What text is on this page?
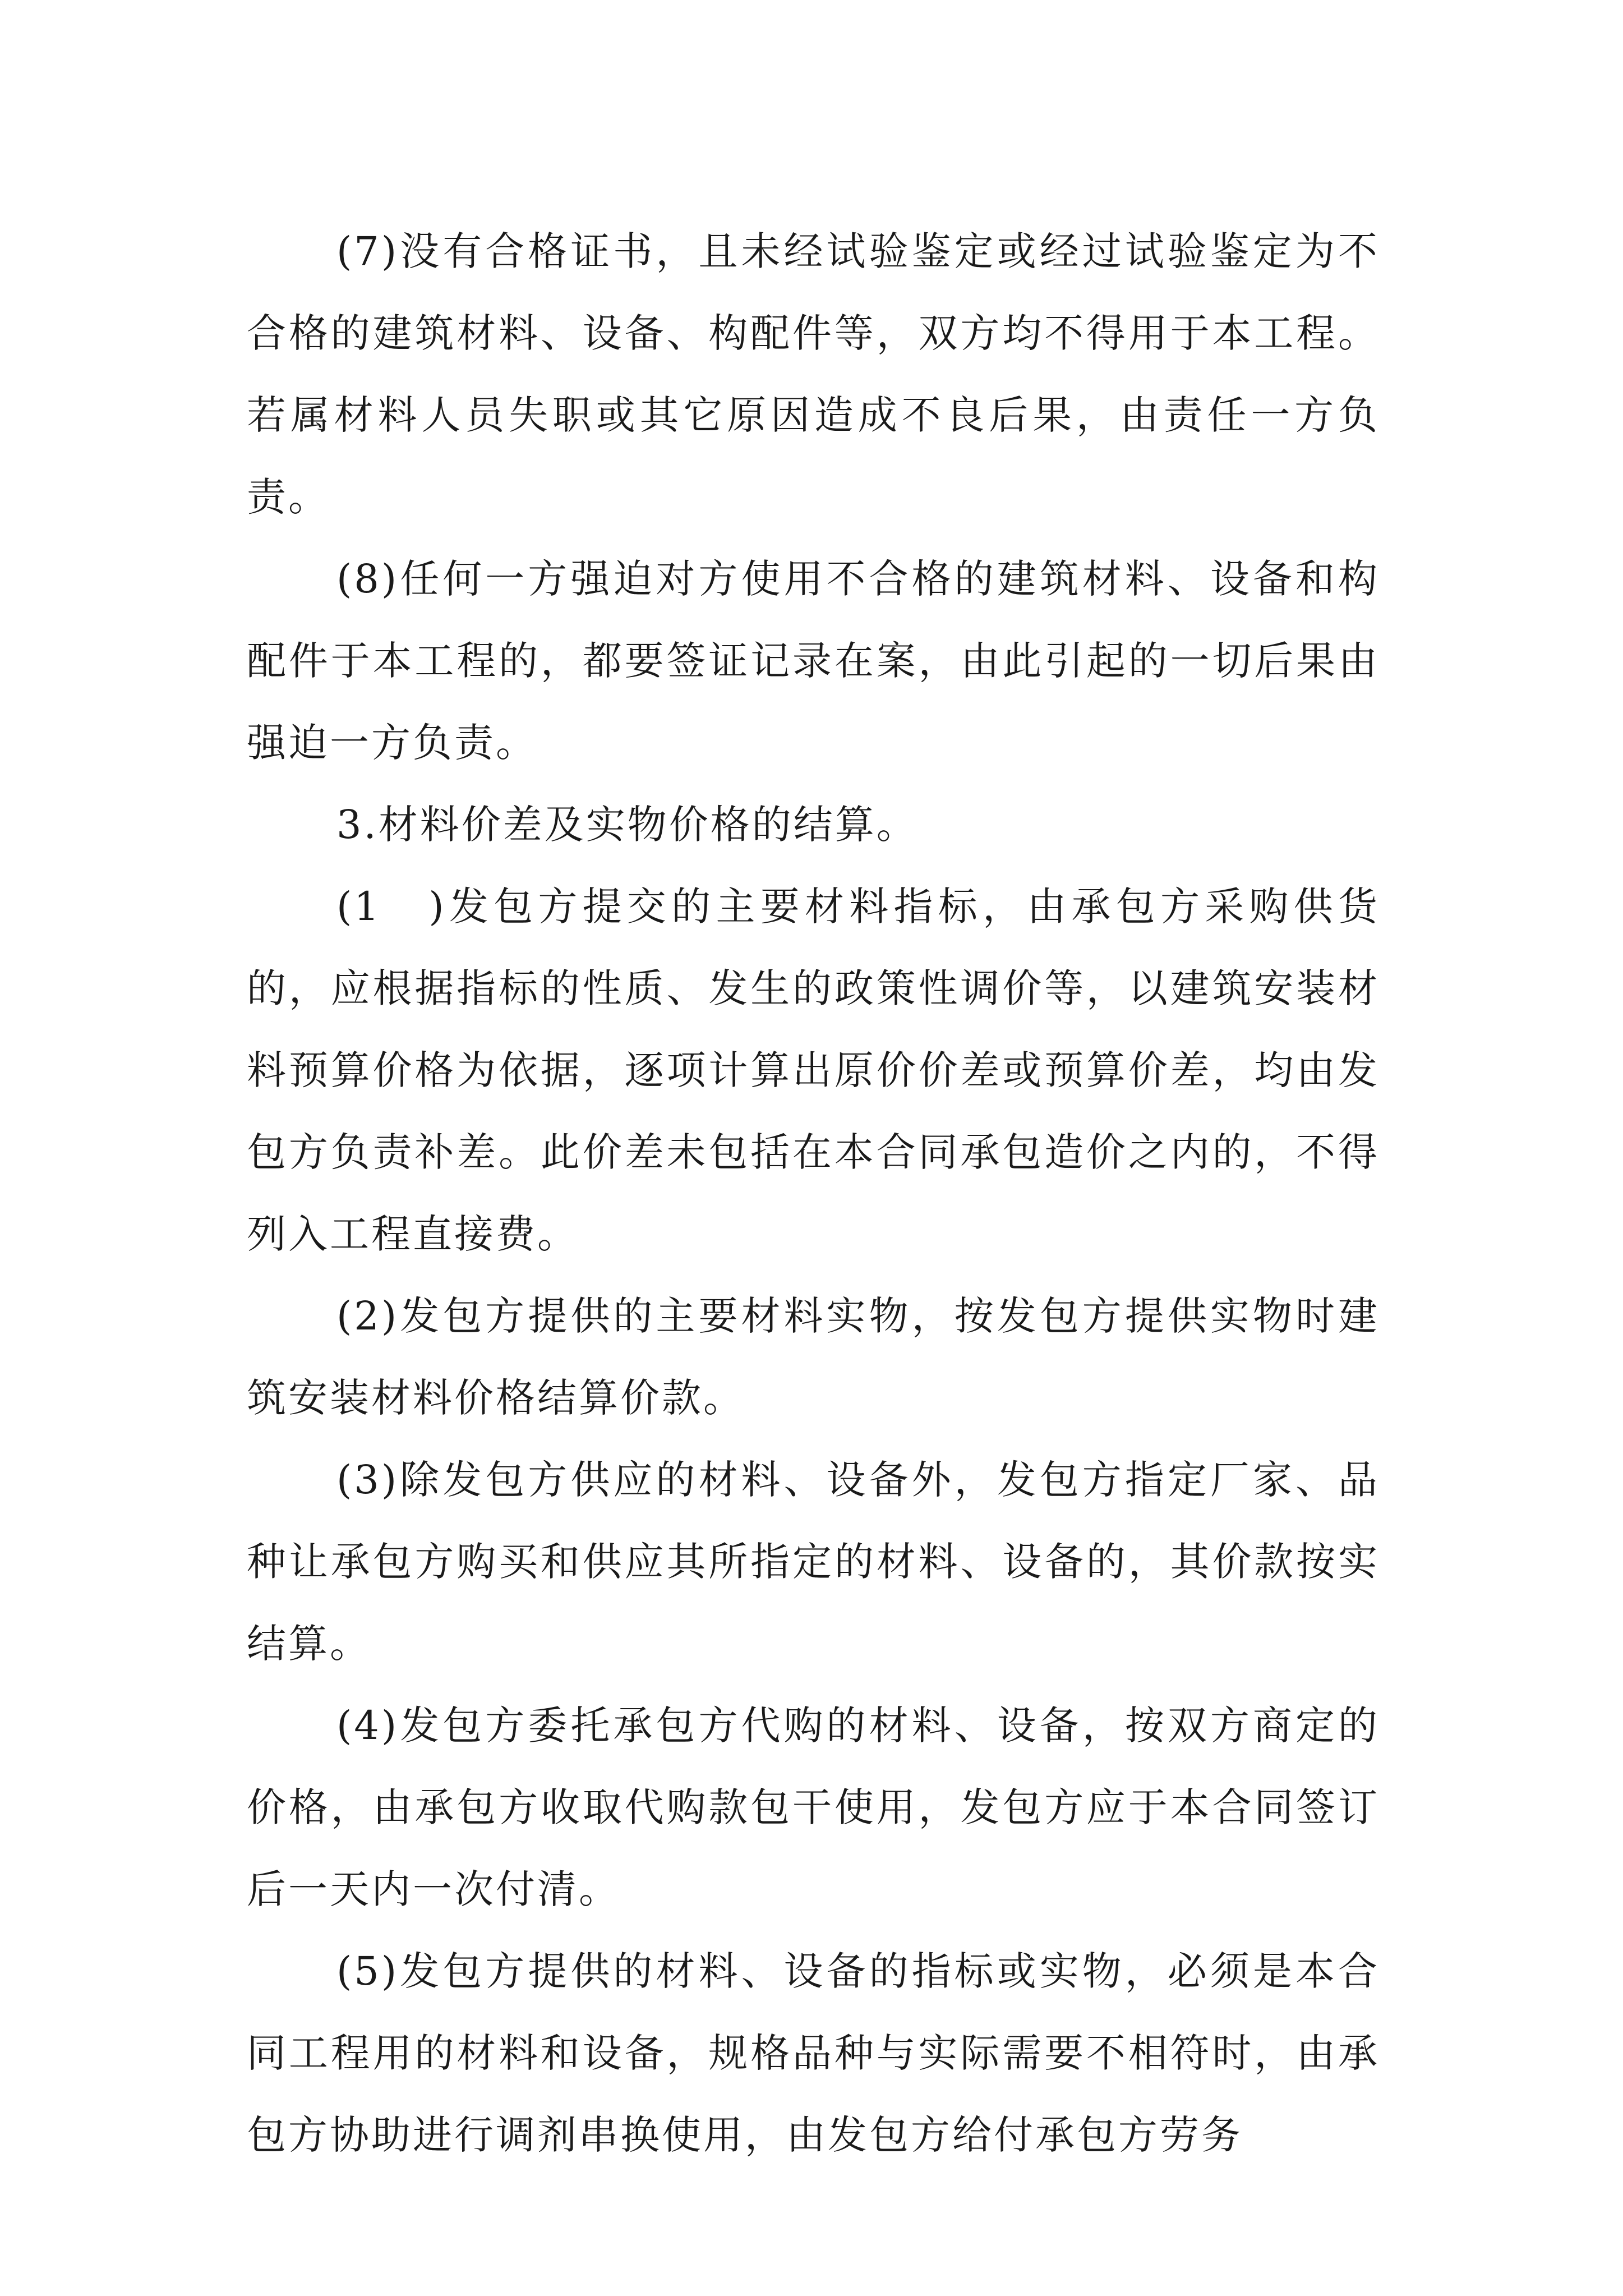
(7)没有合格证书，且未经试验鉴定或经过试验鉴定为不合格的建筑材料、设备、构配件等，双方均不得用于本工程。若属材料人员失职或其它原因造成不良后果，由责任一方负责。

(8)任何一方强迫对方使用不合格的建筑材料、设备和构配件于本工程的，都要签证记录在案，由此引起的一切后果由强迫一方负责。

3.材料价差及实物价格的结算。

(1　)发包方提交的主要材料指标，由承包方采购供货的，应根据指标的性质、发生的政策性调价等，以建筑安装材料预算价格为依据，逐项计算出原价价差或预算价差，均由发包方负责补差。此价差未包括在本合同承包造价之内的，不得列入工程直接费。

(2)发包方提供的主要材料实物，按发包方提供实物时建筑安装材料价格结算价款。

(3)除发包方供应的材料、设备外，发包方指定厂家、品种让承包方购买和供应其所指定的材料、设备的，其价款按实结算。

(4)发包方委托承包方代购的材料、设备，按双方商定的价格，由承包方收取代购款包干使用，发包方应于本合同签订后一天内一次付清。

(5)发包方提供的材料、设备的指标或实物，必须是本合同工程用的材料和设备，规格品种与实际需要不相符时，由承包方协助进行调剂串换使用，由发包方给付承包方劳务
